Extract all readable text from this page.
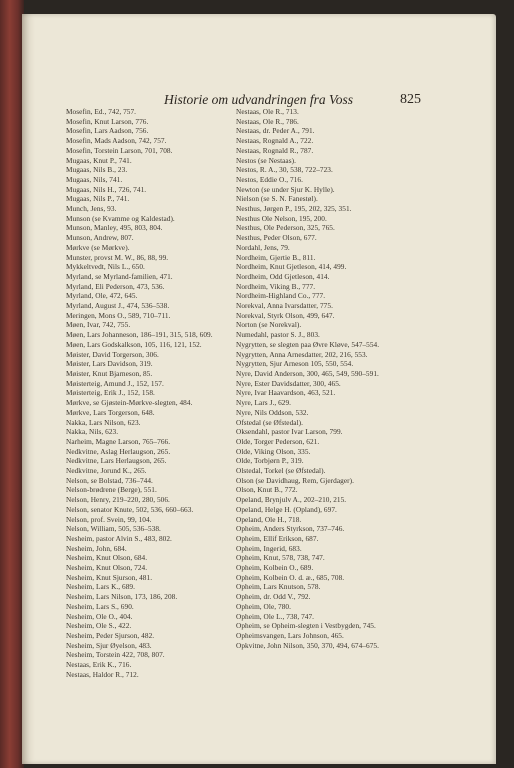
Historie om udvandringen fra Voss	825
Mosefin, Ed., 742, 757.
Mosefin, Knut Larson, 776.
Mosefin, Lars Aadson, 756.
Mosefin, Mads Aadson, 742, 757.
Mosefin, Torstein Larson, 701, 708.
Mugaas, Knut P., 741.
Mugaas, Nils B., 23.
Mugaas, Nils, 741.
Mugaas, Nils H., 726, 741.
Mugaas, Nils P., 741.
Munch, Jens, 93.
Munson (se Kvamme og Kaldestad).
Munson, Manley, 495, 803, 804.
Munson, Andrew, 807.
Mørkve (se Mørkve).
Munster, provst M. W., 86, 88, 99.
Mykkeltvedt, Nils L., 650.
Myrland, se Myrland-familien, 471.
Myrland, Eli Pederson, 473, 536.
Myrland, Ole, 472, 645.
Myrland, August J., 474, 536–538.
Meringen, Mons O., 589, 710–711.
Møen, Ivar, 742, 755.
Møen, Lars Johanneson, 186–191, 315, 518, 609.
Møen, Lars Godskalkson, 105, 116, 121, 152.
Møister, David Torgerson, 306.
Møister, Lars Davidson, 319.
Møister, Knut Bjarneson, 85.
Møisterteig, Amund J., 152, 157.
Møisterteig, Erik J., 152, 158.
Mørkve, se Gjøstein-Mørkve-slegten, 484.
Mørkve, Lars Torgerson, 648.
Nakka, Lars Nilson, 623.
Nakka, Nils, 623.
Narheim, Magne Larson, 765–766.
Nedkvitne, Aslag Herlaugson, 265.
Nedkvitne, Lars Herlaugson, 265.
Nedkvitne, Jorund K., 265.
Nelson, se Bolstad, 736–744.
Nelson-brødrene (Berge), 551.
Nelson, Henry, 219–220, 280, 506.
Nelson, senator Knute, 502, 536, 660–663.
Nelson, prof. Svein, 99, 104.
Nelson, William, 505, 536–538.
Nesheim, pastor Alvin S., 483, 802.
Nesheim, John, 684.
Nesheim, Knut Olson, 684.
Nesheim, Knut Olson, 724.
Nesheim, Knut Sjurson, 481.
Nesheim, Lars K., 689.
Nesheim, Lars Nilson, 173, 186, 208.
Nesheim, Lars S., 690.
Nesheim, Ole O., 404.
Nesheim, Ole S., 422.
Nesheim, Peder Sjurson, 482.
Nesheim, Sjur Øyelson, 483.
Nesheim, Torstein 422, 708, 807.
Nestaas, Erik K., 716.
Nestaas, Haldor R., 712.
Nestaas, Ole R., 713.
Nestaas, Ole R., 786.
Nestaas, dr. Peder A., 791.
Nestaas, Rognald A., 722.
Nestaas, Rognald R., 787.
Nestos (se Nestaas).
Nestos, R. A., 30, 538, 722–723.
Nestos, Eddie O., 716.
Newton (se under Sjur K. Hylle).
Nielson (se S. N. Fanestøl).
Nesthus, Jørgen P., 195, 202, 325, 351.
Nesthus Ole Nelson, 195, 200.
Nesthus, Ole Pederson, 325, 765.
Nesthus, Peder Olson, 677.
Nordahl, Jens, 79.
Nordheim, Gjertie B., 811.
Nordheim, Knut Gjetleson, 414, 499.
Nordheim, Odd Gjetleson, 414.
Nordheim, Viking B., 777.
Nordheim-Highland Co., 777.
Norekval, Anna Ivarsdatter, 775.
Norekval, Styrk Olson, 499, 647.
Norton (se Norekval).
Numedahl, pastor S. J., 803.
Nygrytten, se slegten paa Øvre Kløve, 547–554.
Nygrytten, Anna Arnesdatter, 202, 216, 553.
Nygrytten, Sjur Arneson 105, 550, 554.
Nyre, David Anderson, 300, 465, 549, 590–591.
Nyre, Ester Davidsdatter, 300, 465.
Nyre, Ivar Haavardson, 463, 521.
Nyre, Lars J., 629.
Nyre, Nils Oddson, 532.
Ofstedal (se Øfstedal).
Oksendahl, pastor Ivar Larson, 799.
Olde, Torger Pederson, 621.
Olde, Viking Olson, 335.
Olde, Torbjørn P., 319.
Olstedal, Torkel (se Øfstedal).
Olson (se Davidhaug, Rem, Gjerdager).
Olson, Knut B., 772.
Opeland, Brynjulv A., 202–210, 215.
Opeland, Helge H. (Opland), 697.
Opeland, Ole H., 718.
Opheim, Anders Styrkson, 737–746.
Opheim, Ellif Erikson, 687.
Opheim, Ingerid, 683.
Opheim, Knut, 578, 738, 747.
Opheim, Kolbein O., 689.
Opheim, Kolbein O. d. æ., 685, 708.
Opheim, Lars Knutson, 578.
Opheim, dr. Odd V., 792.
Opheim, Ole, 780.
Opheim, Ole L., 738, 747.
Opheim, se Opheim-slegten i Vestbygden, 745.
Opheimsvangen, Lars Johnson, 465.
Opkvitne, John Nilson, 350, 370, 494, 674–675.
